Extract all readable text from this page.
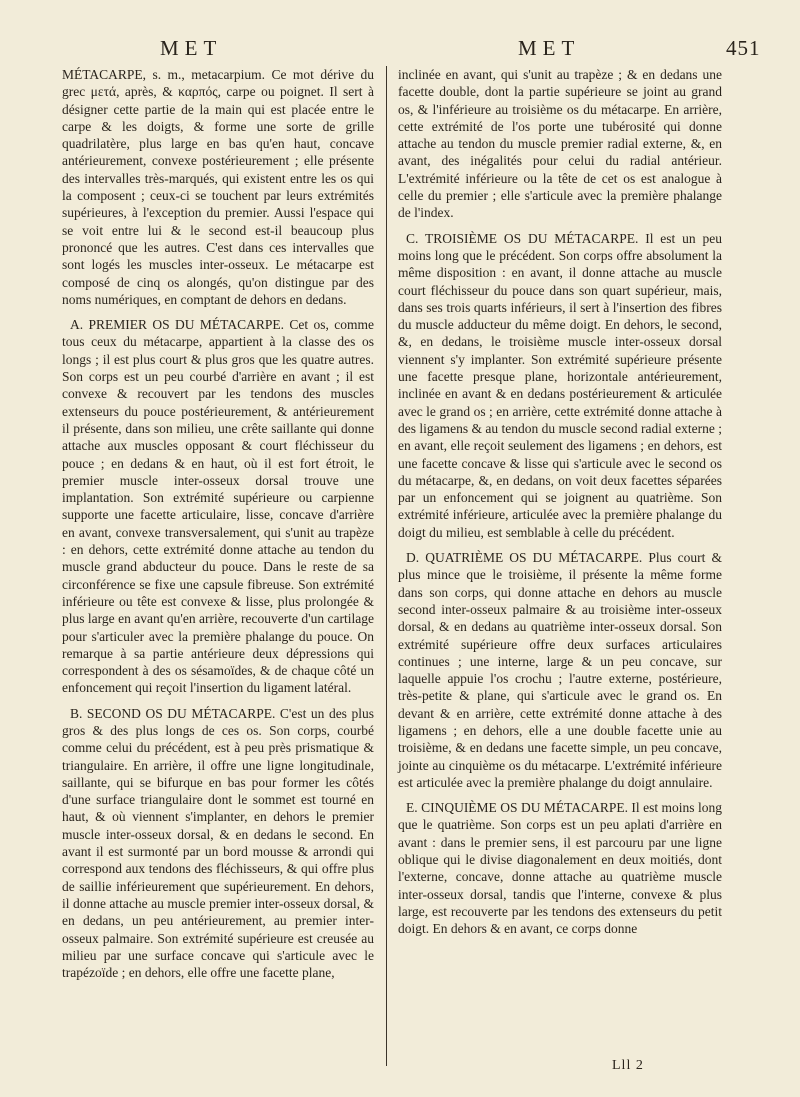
MET	MET	451

MÉTACARPE, s. m., metacarpium. Ce mot dérive du grec μετά, après, & καρπός, carpe ou poignet. Il sert à désigner cette partie de la main qui est placée entre le carpe & les doigts, & forme une sorte de grille quadrilatère, plus large en bas qu'en haut, concave antérieurement, convexe postérieurement ; elle présente des intervalles très-marqués, qui existent entre les os qui la composent ; ceux-ci se touchent par leurs extrémités supérieures, à l'exception du premier. Aussi l'espace qui se voit entre lui & le second est-il beaucoup plus prononcé que les autres. C'est dans ces intervalles que sont logés les muscles inter-osseux. Le métacarpe est composé de cinq os alongés, qu'on distingue par des noms numériques, en comptant de dehors en dedans.

A. PREMIER OS DU MÉTACARPE. Cet os, comme tous ceux du métacarpe, appartient à la classe des os longs ; il est plus court & plus gros que les quatre autres. Son corps est un peu courbé d'arrière en avant ; il est convexe & recouvert par les tendons des muscles extenseurs du pouce postérieurement, & antérieurement il présente, dans son milieu, une crête saillante qui donne attache aux muscles opposant & court fléchisseur du pouce ; en dedans & en haut, où il est fort étroit, le premier muscle inter-osseux dorsal trouve une implantation. Son extrémité supérieure ou carpienne supporte une facette articulaire, lisse, concave d'arrière en avant, convexe transversalement, qui s'unit au trapèze : en dehors, cette extrémité donne attache au tendon du muscle grand abducteur du pouce. Dans le reste de sa circonférence se fixe une capsule fibreuse. Son extrémité inférieure ou tête est convexe & lisse, plus prolongée & plus large en avant qu'en arrière, recouverte d'un cartilage pour s'articuler avec la première phalange du pouce. On remarque à sa partie antérieure deux dépressions qui correspondent à des os sésamoïdes, & de chaque côté un enfoncement qui reçoit l'insertion du ligament latéral.

B. SECOND OS DU MÉTACARPE. C'est un des plus gros & des plus longs de ces os. Son corps, courbé comme celui du précédent, est à peu près prismatique & triangulaire. En arrière, il offre une ligne longitudinale, saillante, qui se bifurque en bas pour former les côtés d'une surface triangulaire dont le sommet est tourné en haut, & où viennent s'implanter, en dehors le premier muscle inter-osseux dorsal, & en dedans le second. En avant il est surmonté par un bord mousse & arrondi qui correspond aux tendons des fléchisseurs, & qui offre plus de saillie inférieurement que supérieurement. En dehors, il donne attache au muscle premier inter-osseux dorsal, & en dedans, un peu antérieurement, au premier inter-osseux palmaire. Son extrémité supérieure est creusée au milieu par une surface concave qui s'articule avec le trapézoïde ; en dehors, elle offre une facette plane,

inclinée en avant, qui s'unit au trapèze ; & en dedans une facette double, dont la partie supérieure se joint au grand os, & l'inférieure au troisième os du métacarpe. En arrière, cette extrémité de l'os porte une tubérosité qui donne attache au tendon du muscle premier radial externe, &, en avant, des inégalités pour celui du radial antérieur. L'extrémité inférieure ou la tête de cet os est analogue à celle du premier ; elle s'articule avec la première phalange de l'index.

C. TROISIÈME OS DU MÉTACARPE. Il est un peu moins long que le précédent. Son corps offre absolument la même disposition : en avant, il donne attache au muscle court fléchisseur du pouce dans son quart supérieur, mais, dans ses trois quarts inférieurs, il sert à l'insertion des fibres du muscle adducteur du même doigt. En dehors, le second, &, en dedans, le troisième muscle inter-osseux dorsal viennent s'y implanter. Son extrémité supérieure présente une facette presque plane, horizontale antérieurement, inclinée en avant & en dedans postérieurement & articulée avec le grand os ; en arrière, cette extrémité donne attache à des ligamens & au tendon du muscle second radial externe ; en avant, elle reçoit seulement des ligamens ; en dehors, est une facette concave & lisse qui s'articule avec le second os du métacarpe, &, en dedans, on voit deux facettes séparées par un enfoncement qui se joignent au quatrième. Son extrémité inférieure, articulée avec la première phalange du doigt du milieu, est semblable à celle du précédent.

D. QUATRIÈME OS DU MÉTACARPE. Plus court & plus mince que le troisième, il présente la même forme dans son corps, qui donne attache en dehors au muscle second inter-osseux palmaire & au troisième inter-osseux dorsal, & en dedans au quatrième inter-osseux dorsal. Son extrémité supérieure offre deux surfaces articulaires continues ; une interne, large & un peu concave, sur laquelle appuie l'os crochu ; l'autre externe, postérieure, très-petite & plane, qui s'articule avec le grand os. En devant & en arrière, cette extrémité donne attache à des ligamens ; en dehors, elle a une double facette unie au troisième, & en dedans une facette simple, un peu concave, jointe au cinquième os du métacarpe. L'extrémité inférieure est articulée avec la première phalange du doigt annulaire.

E. CINQUIÈME OS DU MÉTACARPE. Il est moins long que le quatrième. Son corps est un peu aplati d'arrière en avant : dans le premier sens, il est parcouru par une ligne oblique qui le divise diagonalement en deux moitiés, dont l'externe, concave, donne attache au quatrième muscle inter-osseux dorsal, tandis que l'interne, convexe & plus large, est recouverte par les tendons des extenseurs du petit doigt. En dehors & en avant, ce corps donne

Lll 2
